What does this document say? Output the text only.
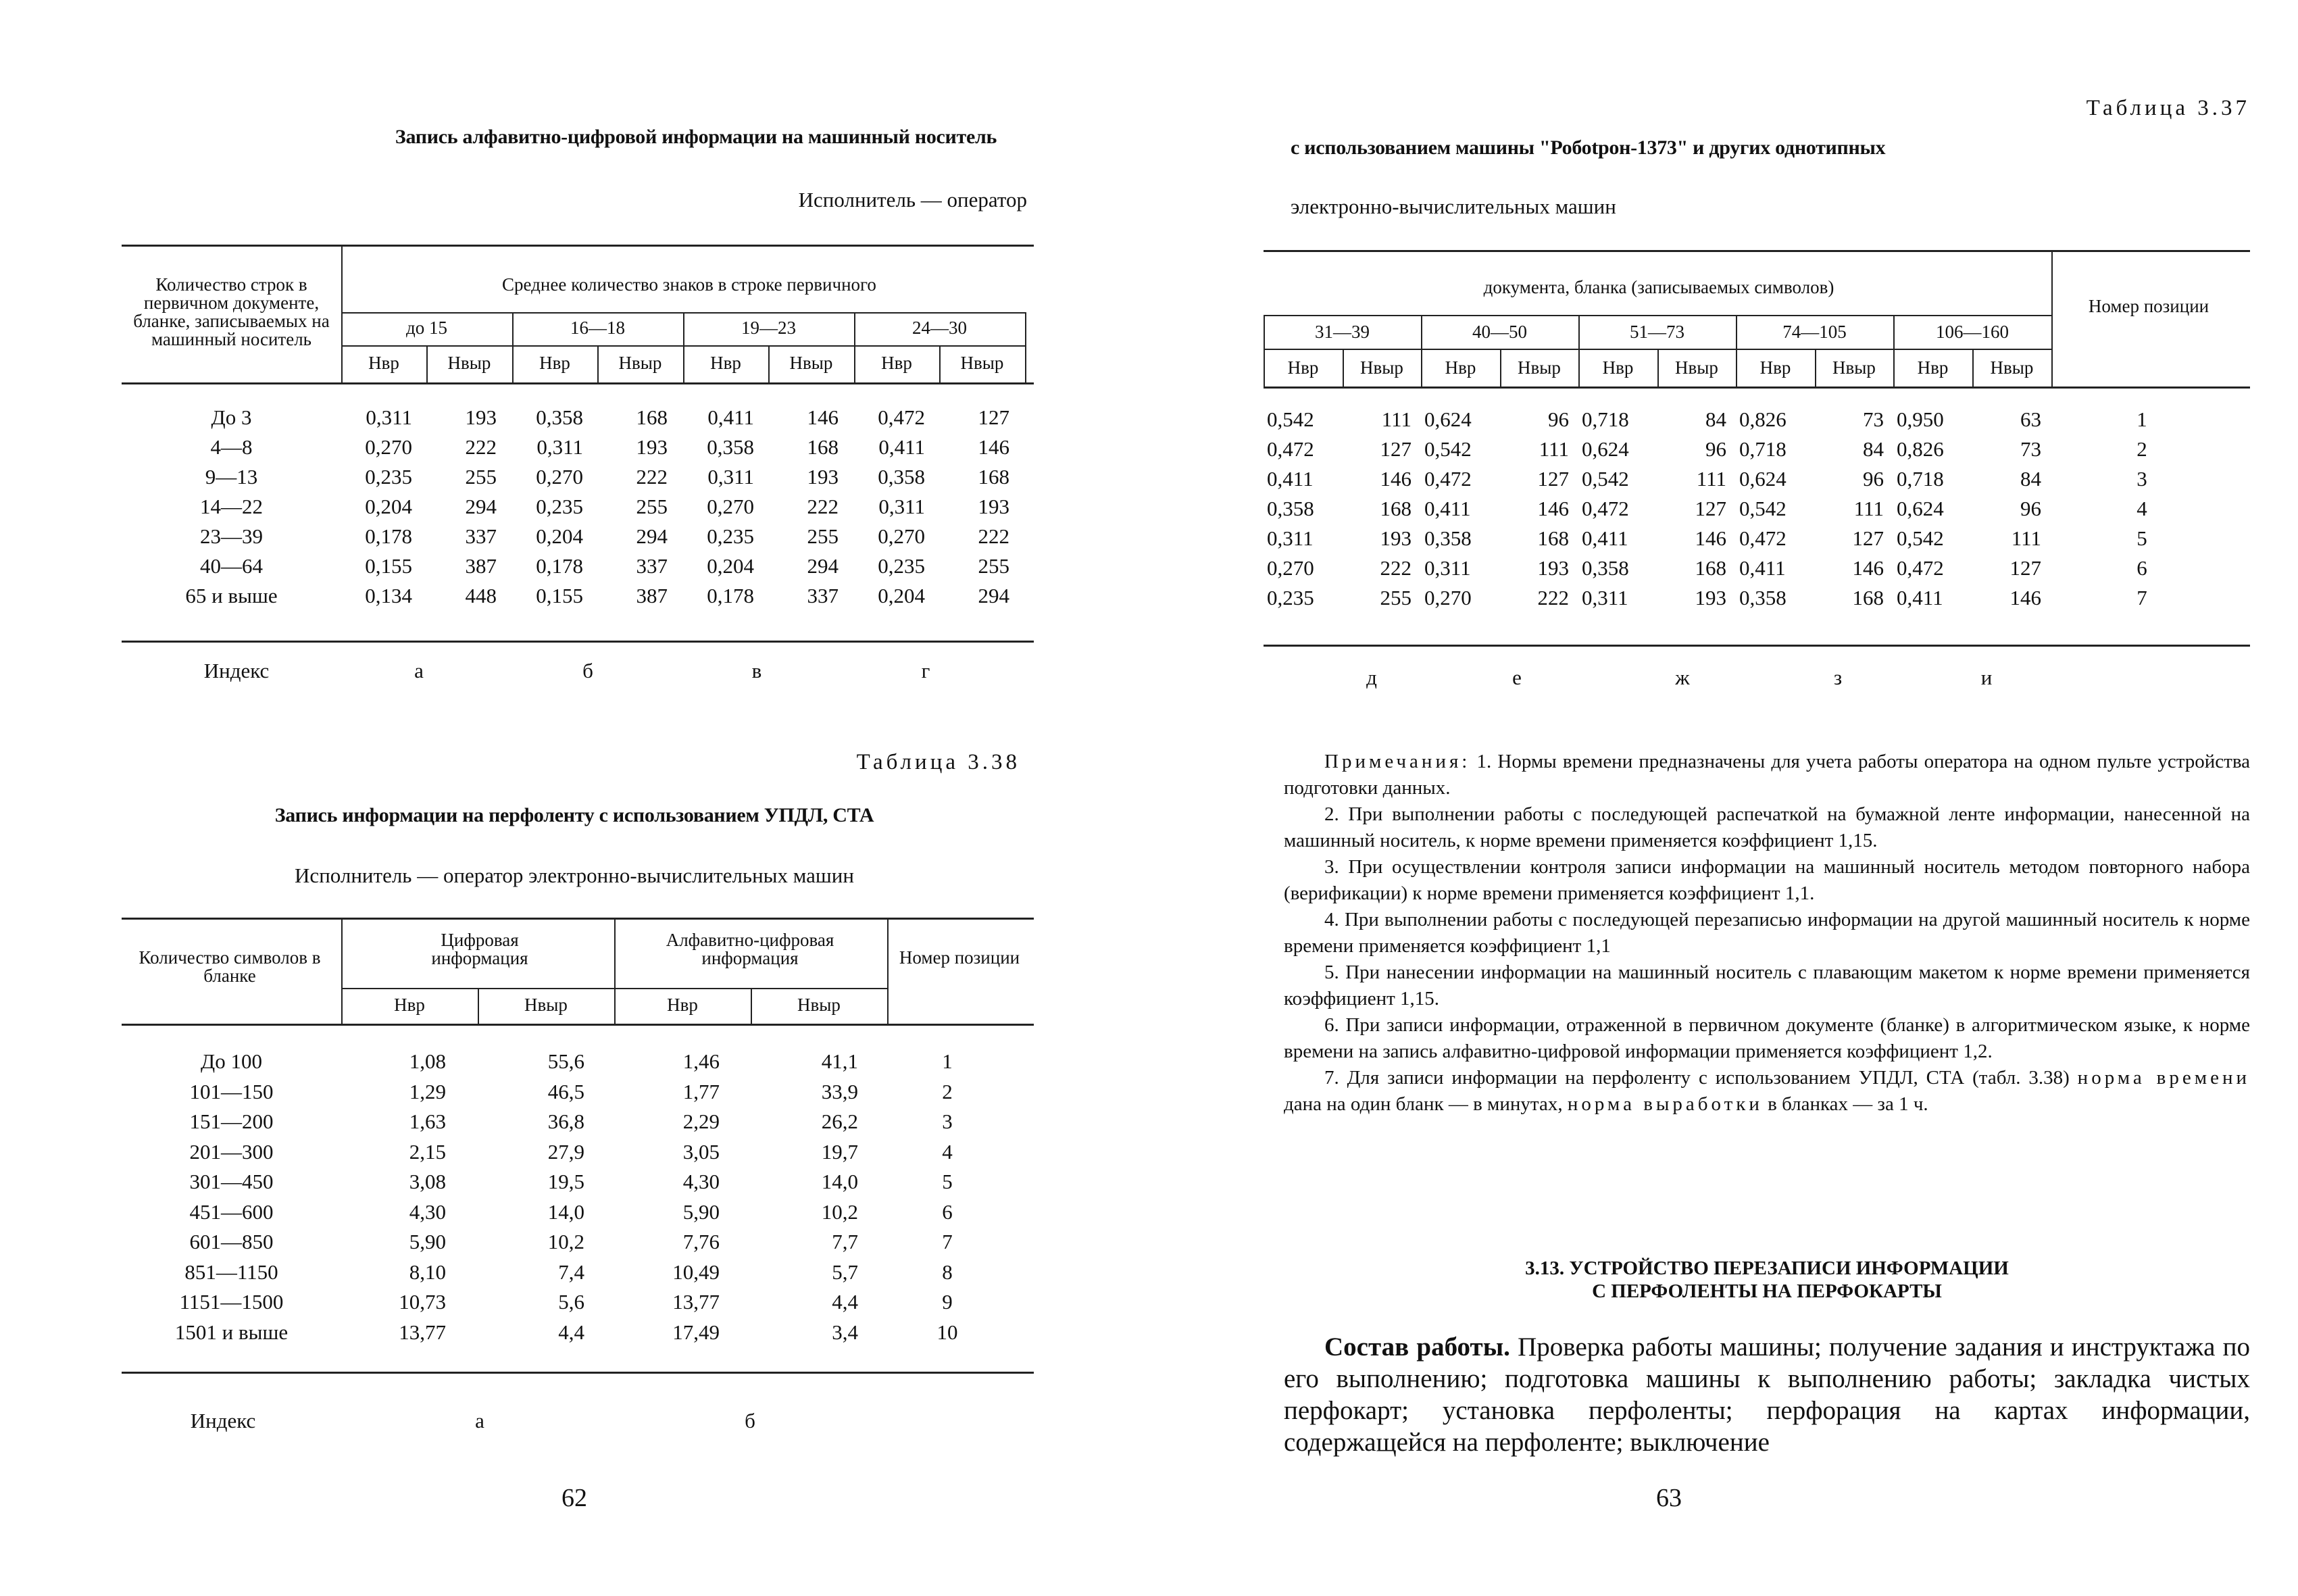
Запись алфавитно-цифровой информации на машинный носитель
Исполнитель — оператор
Количество строк в первичном документе, бланке, записываемых на машинный носитель
Среднее количество знаков в строке первичного
до 15	16—18	19—23	24—30
Нвр	Нвыр	Нвр	Нвыр	Нвр	Нвыр	Нвр	Нвыр
До 3	0,311	193	0,358	168	0,411	146	0,472	127
4—8	0,270	222	0,311	193	0,358	168	0,411	146
9—13	0,235	255	0,270	222	0,311	193	0,358	168
14—22	0,204	294	0,235	255	0,270	222	0,311	193
23—39	0,178	337	0,204	294	0,235	255	0,270	222
40—64	0,155	387	0,178	337	0,204	294	0,235	255
65 и выше	0,134	448	0,155	387	0,178	337	0,204	294
Индекс	а	б	в	г
Таблица 3.38
Запись информации на перфоленту с использованием УПДЛ, СТА
Исполнитель — оператор электронно-вычислительных машин
Количество символов в бланке
Цифровая информация
Алфавитно-цифровая информация	Номер позиции
Нвр	Нвыр	Нвр	Нвыр
До 100	1,08	55,6	1,46	41,1	1
101—150	1,29	46,5	1,77	33,9	2
151—200	1,63	36,8	2,29	26,2	3
201—300	2,15	27,9	3,05	19,7	4
301—450	3,08	19,5	4,30	14,0	5
451—600	4,30	14,0	5,90	10,2	6
601—850	5,90	10,2	7,76	7,7	7
851—1150	8,10	7,4	10,49	5,7	8
1151—1500	10,73	5,6	13,77	4,4	9
1501 и выше	13,77	4,4	17,49	3,4	10
Индекс	а	б
62
Таблица 3.37
с использованием машины "Робоtрон-1373" и других однотипных
электронно-вычислительных машин
документа, бланка (записываемых символов)
Номер позиции
31—39	40—50	51—73	74—105	106—160
Нвр	Нвыр	Нвр	Нвыр	Нвр	Нвыр	Нвр	Нвыр	Нвр	Нвыр
0,542	111 0,624	96 0,718	84 0,826	73 0,950	63	1
0,472	127 0,542	111 0,624	96 0,718	84 0,826	73	2
0,411	146 0,472	127 0,542	111 0,624	96 0,718	84	3
0,358	168 0,411	146 0,472	127 0,542	111 0,624	96	4
0,311	193 0,358	168 0,411	146 0,472	127 0,542	111	5
0,270	222 0,311	193 0,358	168 0,411	146 0,472	127	6
0,235	255 0,270	222 0,311	193 0,358	168 0,411	146	7
д	е	ж	з	и

Примечания: 1. Нормы времени предназначены для учета работы оператора на одном пульте устройства подготовки данных.

2. При выполнении работы с последующей распечаткой на бумажной ленте информации, нанесенной на машинный носитель, к норме времени применяется коэффициент 1,15.

3. При осуществлении контроля записи информации на машинный носитель методом повторного набора (верификации) к норме времени применяется коэффициент 1,1.

4. При выполнении работы с последующей перезаписью информации на другой машинный носитель к норме времени применяется коэффициент 1,1

5. При нанесении информации на машинный носитель с плавающим макетом к норме времени применяется коэффициент 1,15.

6. При записи информации, отраженной в первичном документе (бланке) в алгоритмическом языке, к норме времени на запись алфавитно-цифровой информации применяется коэффициент 1,2.

7. Для записи информации на перфоленту с использованием УПДЛ, СТА (табл. 3.38) норма времени дана на один бланк — в минутах, норма выработки в бланках — за 1 ч.

3.13. УСТРОЙСТВО ПЕРЕЗАПИСИ ИНФОРМАЦИИ
С ПЕРФОЛЕНТЫ НА ПЕРФОКАРТЫ
Состав работы. Проверка работы машины; получение задания и инструктажа по его выполнению; подготовка машины к выполнению работы; закладка чистых перфокарт; установка перфоленты; перфорация на картах информации, содержащейся на перфоленте; выключение
63
